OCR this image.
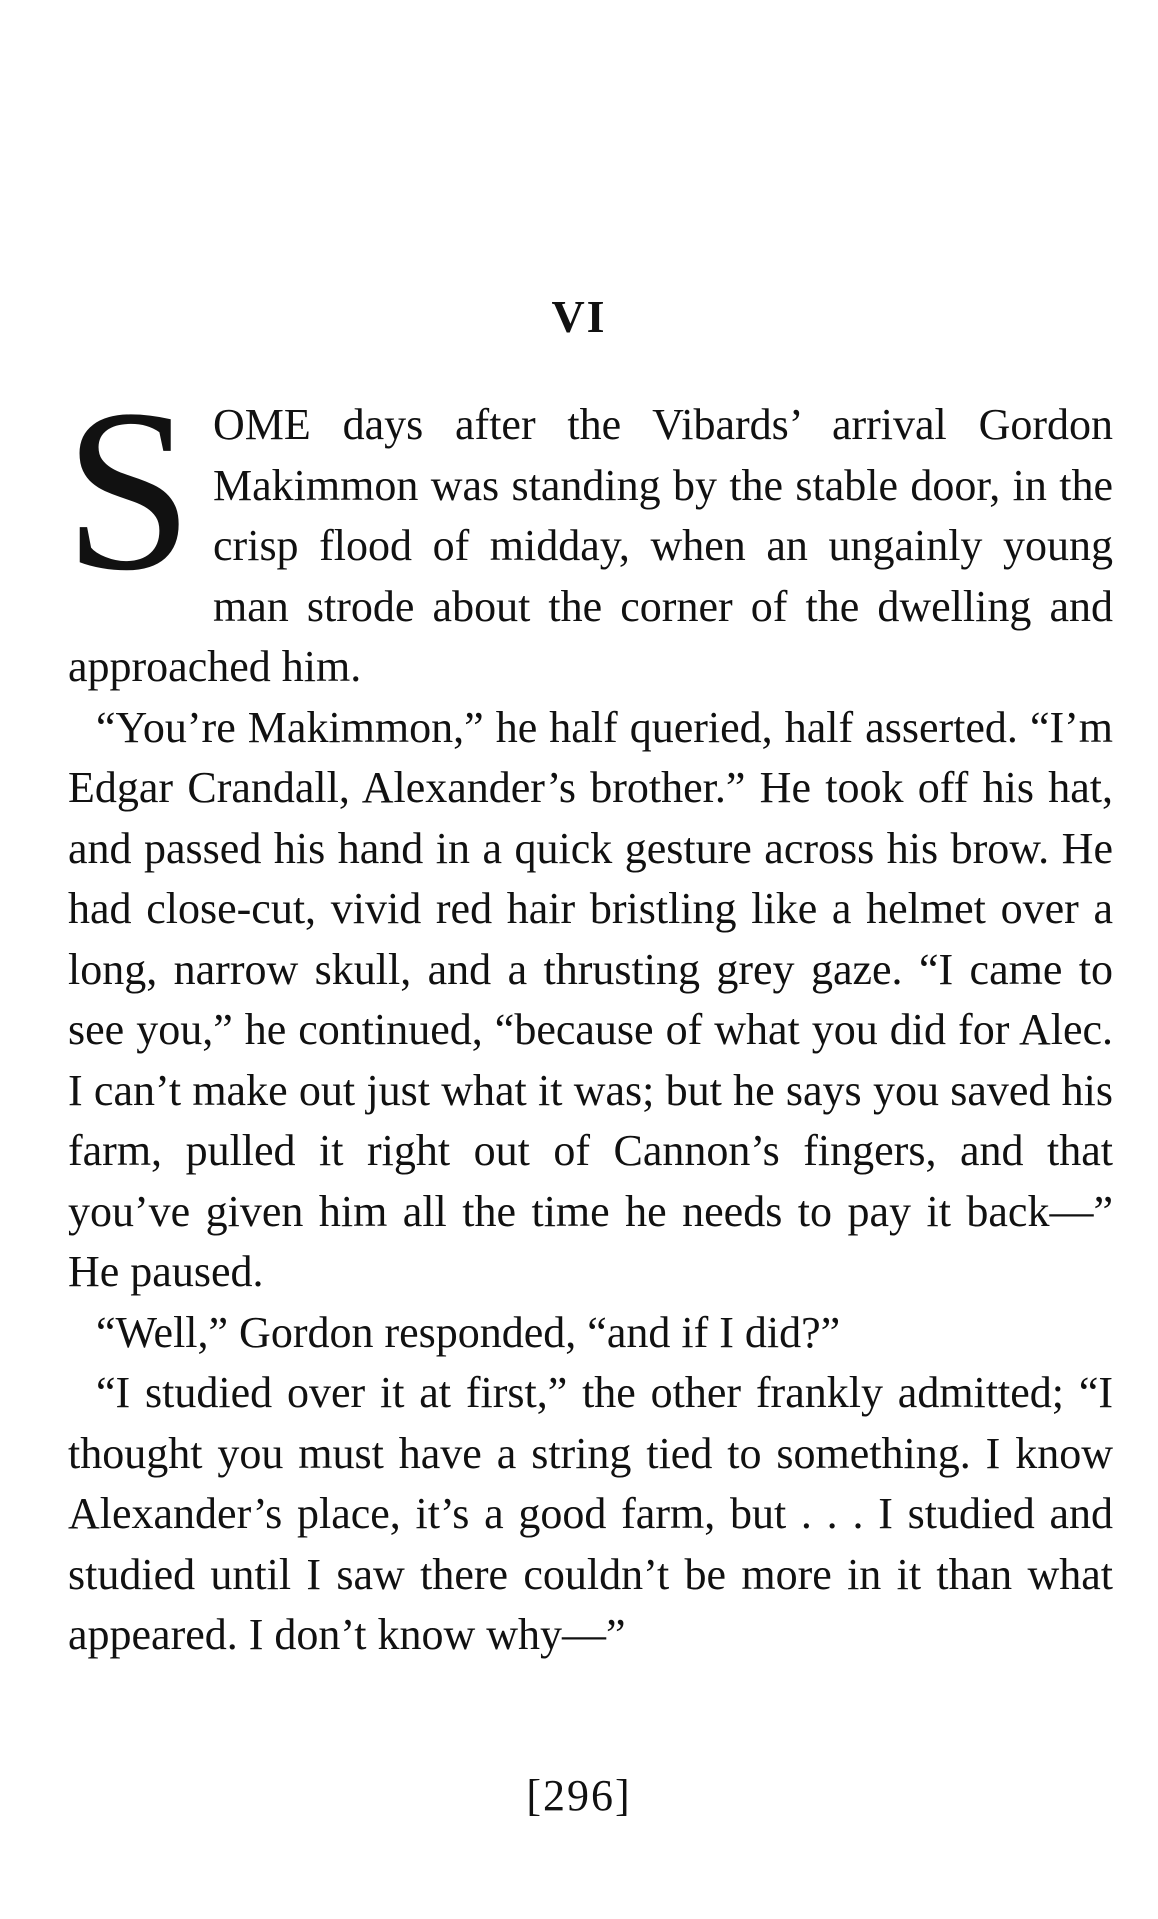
VI

SOME days after the Vibards’ arrival Gordon Makimmon was standing by the stable door, in the crisp flood of midday, when an ungainly young man strode about the corner of the dwelling and approached him.

“You’re Makimmon,” he half queried, half asserted. “I’m Edgar Crandall, Alexander’s brother.” He took off his hat, and passed his hand in a quick gesture across his brow. He had close-cut, vivid red hair bristling like a helmet over a long, narrow skull, and a thrusting grey gaze. “I came to see you,” he continued, “because of what you did for Alec. I can’t make out just what it was; but he says you saved his farm, pulled it right out of Cannon’s fingers, and that you’ve given him all the time he needs to pay it back—” He paused.

“Well,” Gordon responded, “and if I did?”

“I studied over it at first,” the other frankly admitted; “I thought you must have a string tied to something. I know Alexander’s place, it’s a good farm, but . . . I studied and studied until I saw there couldn’t be more in it than what appeared. I don’t know why—”

[296]
